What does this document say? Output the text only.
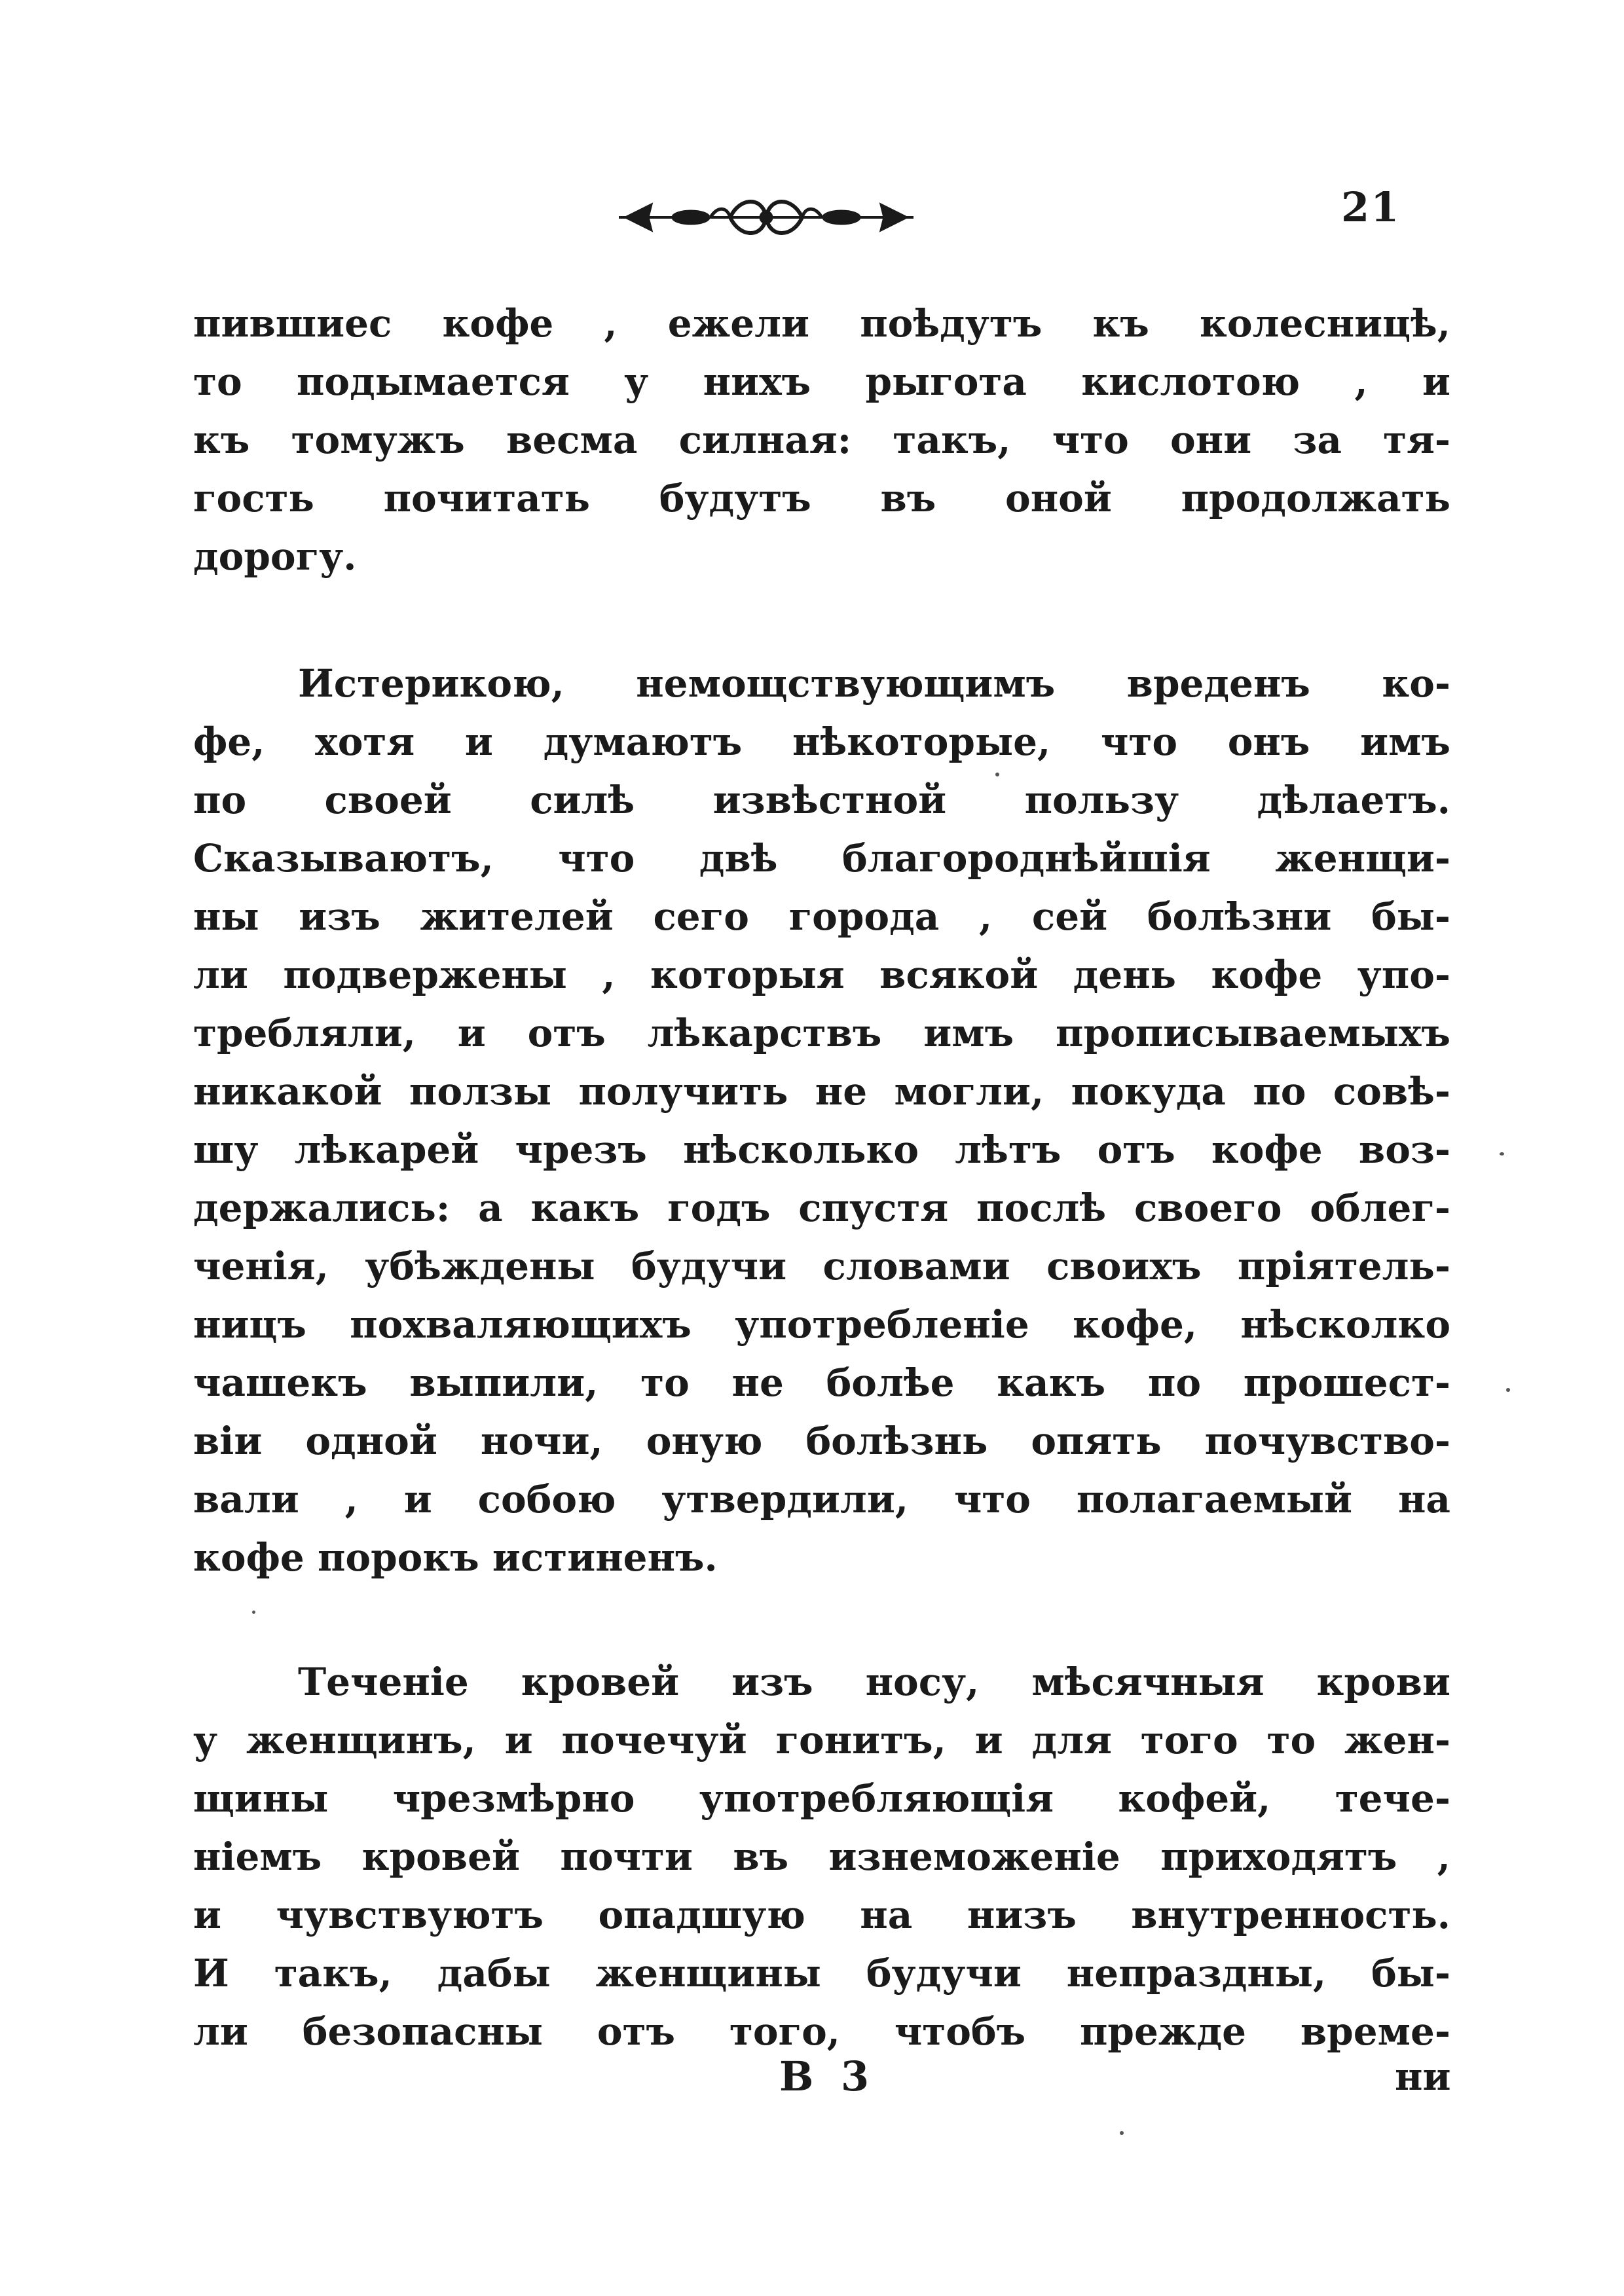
21
пившиес кофе , ежели поѣдутъ къ колесницѣ,
то подымается у нихъ рыгота кислотою , и
къ томужъ весма силная: такъ, что они за тя-
гость почитать будутъ въ оной продолжать
дорогу.
Истерикою, немощствующимъ вреденъ ко-
фе, хотя и думаютъ нѣкоторые, что онъ имъ
по своей силѣ извѣстной пользу дѣлаетъ.
Сказываютъ, что двѣ благороднѣйшія женщи-
ны изъ жителей сего города , сей болѣзни бы-
ли подвержены , которыя всякой день кофе упо-
требляли, и отъ лѣкарствъ имъ прописываемыхъ
никакой ползы получить не могли, покуда по совѣ-
шу лѣкарей чрезъ нѣсколько лѣтъ отъ кофе воз-
держались: а какъ годъ спустя послѣ своего облег-
ченія, убѣждены будучи словами своихъ пріятель-
ницъ похваляющихъ употребленіе кофе, нѣсколко
чашекъ выпили, то не болѣе какъ по прошест-
віи одной ночи, оную болѣзнь опять почувство-
вали , и собою утвердили, что полагаемый на
кофе порокъ истиненъ.
Теченіе кровей изъ носу, мѣсячныя крови
у женщинъ, и почечуй гонитъ, и для того то жен-
щины чрезмѣрно употребляющія кофей, тече-
ніемъ кровей почти въ изнеможеніе приходятъ ,
и чувствуютъ опадшую на низъ внутренность.
И такъ, дабы женщины будучи непраздны, бы-
ли безопасны отъ того, чтобъ прежде време-
В 3	ни
